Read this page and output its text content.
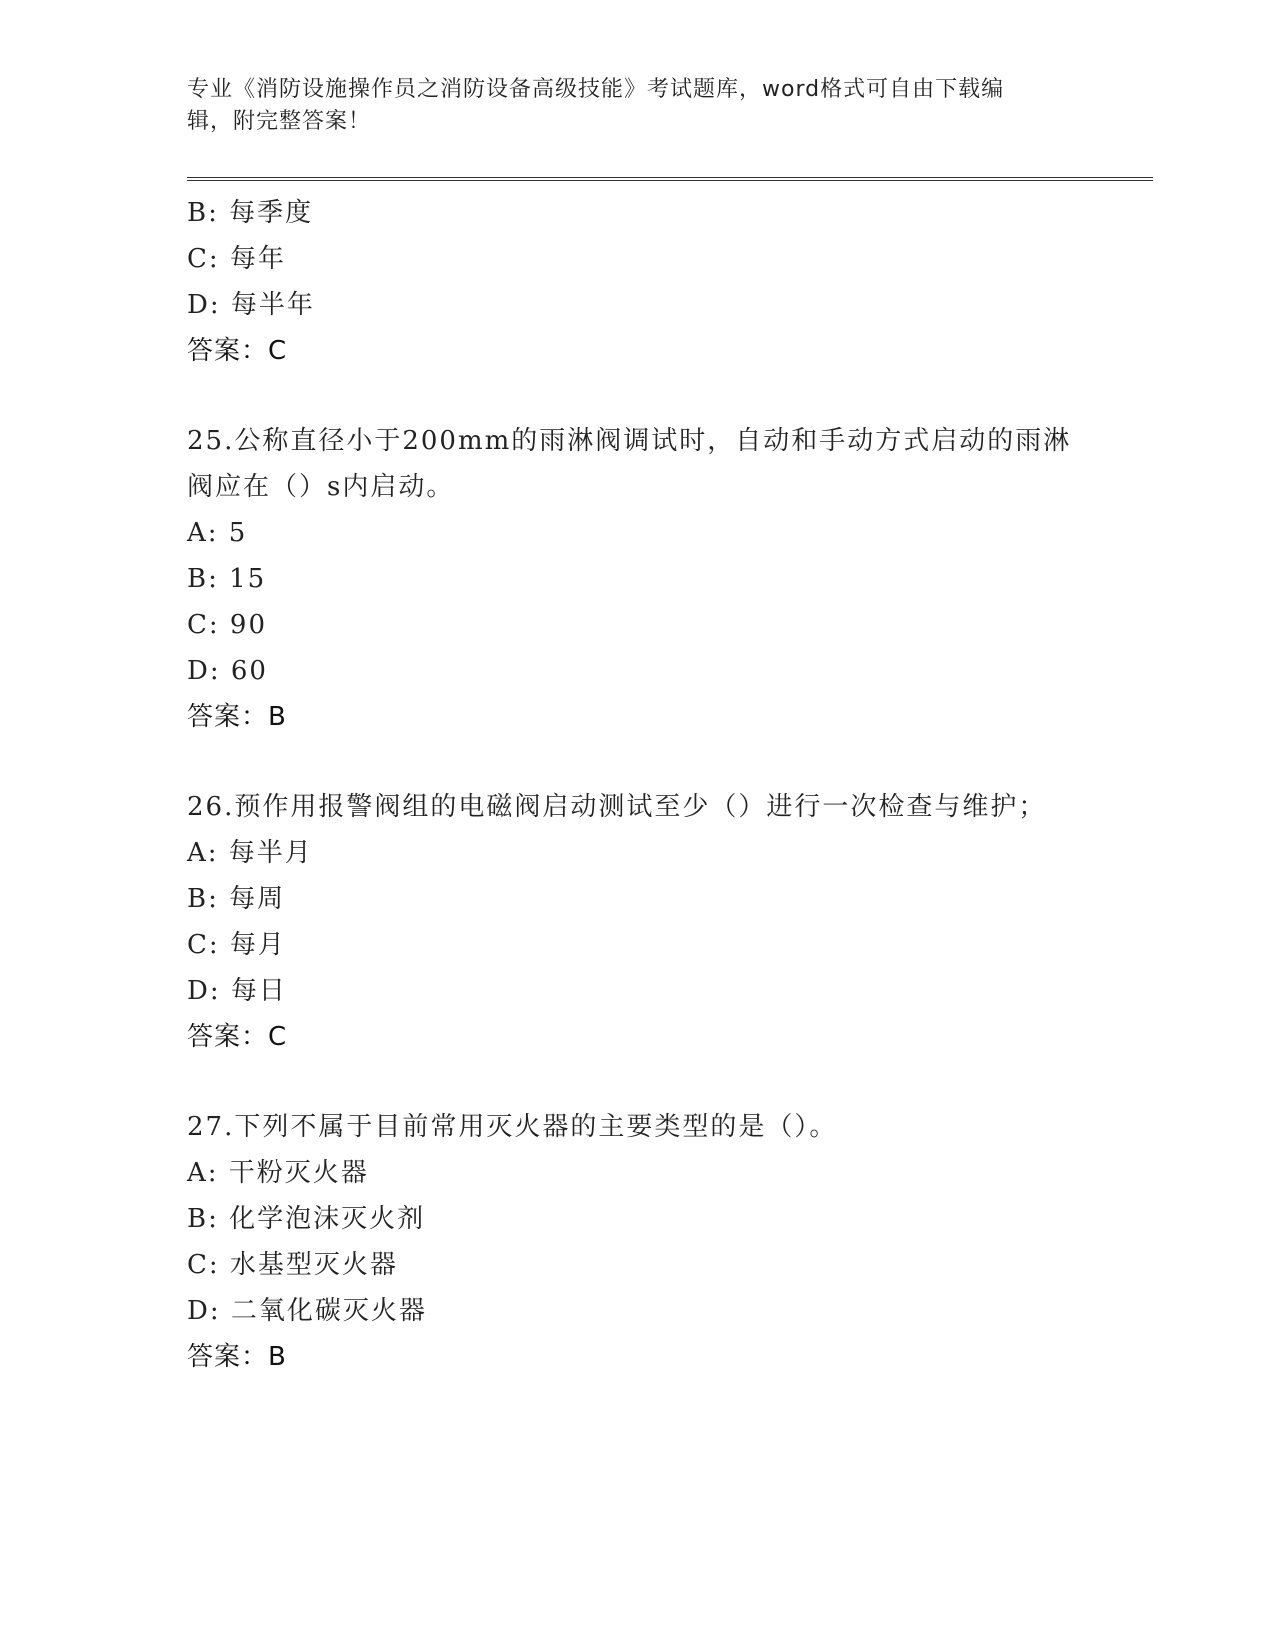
专业《消防设施操作员之消防设备高级技能》考试题库，word格式可自由下载编
辑，附完整答案！
B: 每季度
C: 每年
D: 每半年
答案：C
25.公称直径小于200mm的雨淋阀调试时，自动和手动方式启动的雨淋阀应在（）s内启动。
A: 5
B: 15
C: 90
D: 60
答案：B
26.预作用报警阀组的电磁阀启动测试至少（）进行一次检查与维护；
A: 每半月
B: 每周
C: 每月
D: 每日
答案：C
27.下列不属于目前常用灭火器的主要类型的是（）。
A: 干粉灭火器
B: 化学泡沫灭火剂
C: 水基型灭火器
D: 二氧化碳灭火器
答案：B
